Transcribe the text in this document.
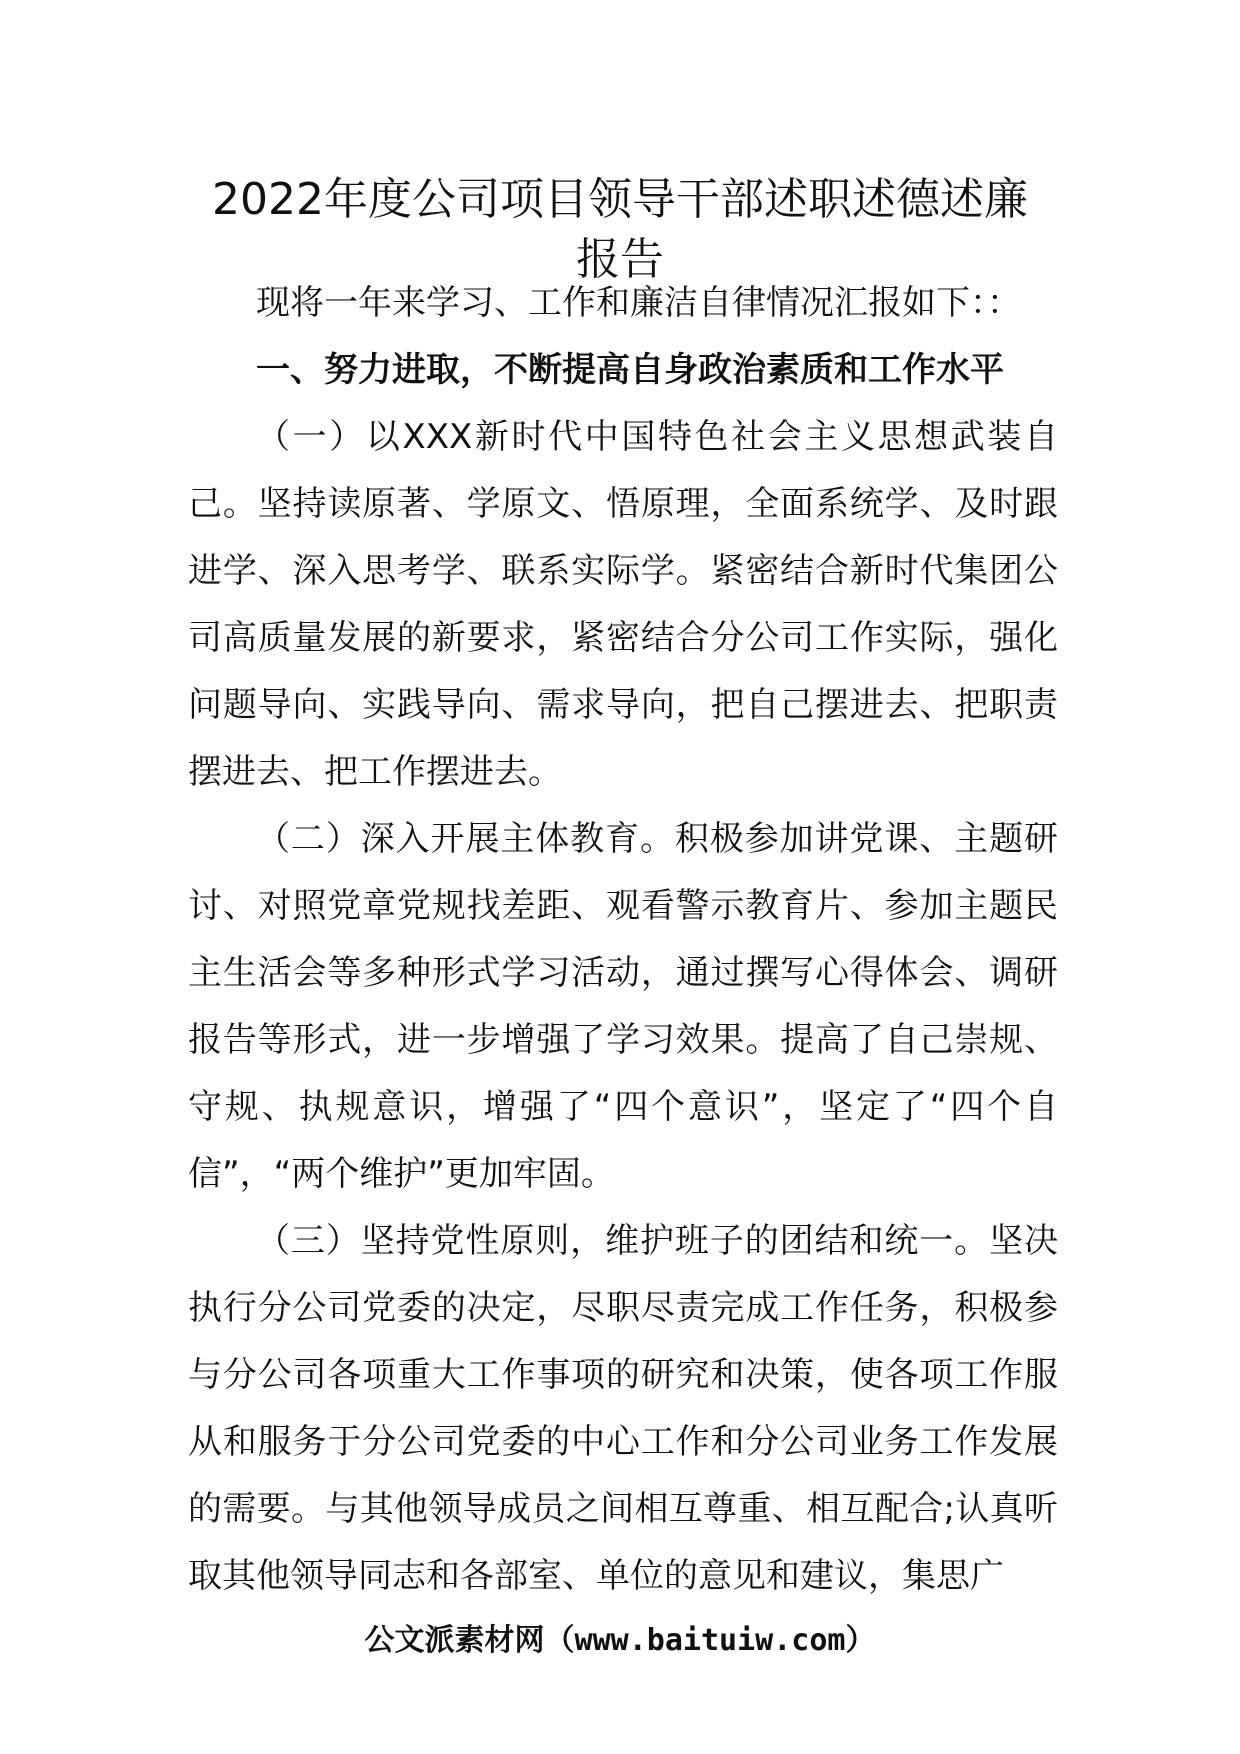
2022年度公司项目领导干部述职述德述廉
报告

现将一年来学习、工作和廉洁自律情况汇报如下：：

一、努力进取，不断提高自身政治素质和工作水平

（一）以XXX新时代中国特色社会主义思想武装自己。坚持读原著、学原文、悟原理，全面系统学、及时跟进学、深入思考学、联系实际学。紧密结合新时代集团公司高质量发展的新要求，紧密结合分公司工作实际，强化问题导向、实践导向、需求导向，把自己摆进去、把职责摆进去、把工作摆进去。

（二）深入开展主体教育。积极参加讲党课、主题研讨、对照党章党规找差距、观看警示教育片、参加主题民主生活会等多种形式学习活动，通过撰写心得体会、调研报告等形式，进一步增强了学习效果。提高了自己崇规、守规、执规意识，增强了“四个意识”，坚定了“四个自信”，“两个维护”更加牢固。

（三）坚持党性原则，维护班子的团结和统一。坚决执行分公司党委的决定，尽职尽责完成工作任务，积极参与分公司各项重大工作事项的研究和决策，使各项工作服从和服务于分公司党委的中心工作和分公司业务工作发展的需要。与其他领导成员之间相互尊重、相互配合;认真听取其他领导同志和各部室、单位的意见和建议，集思广

公文派素材网（www.baituiw.com）
